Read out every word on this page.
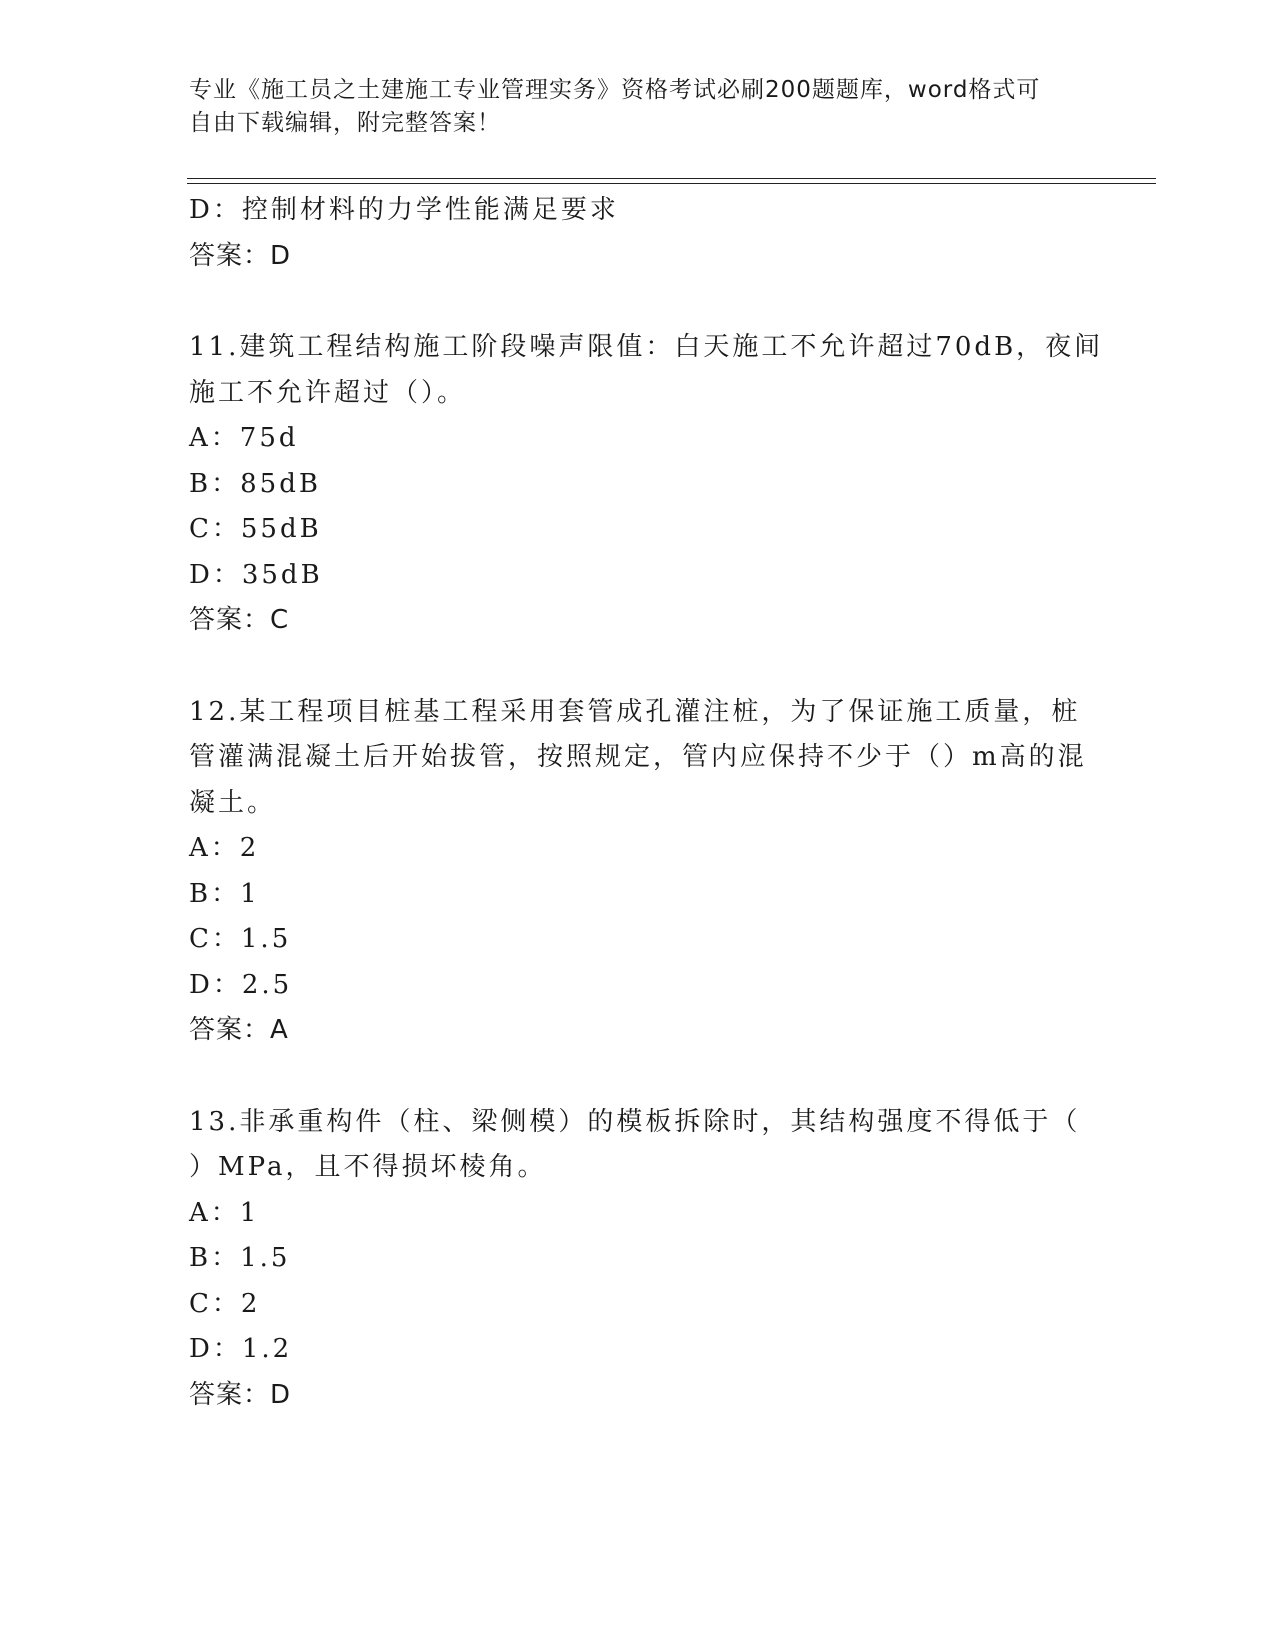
专业《施工员之土建施工专业管理实务》资格考试必刷200题题库，word格式可
自由下载编辑，附完整答案！
D：控制材料的力学性能满足要求
答案：D
11.建筑工程结构施工阶段噪声限值：白天施工不允许超过70dB，夜间
施工不允许超过（）。
A：75d
B：85dB
C：55dB
D：35dB
答案：C
12.某工程项目桩基工程采用套管成孔灌注桩，为了保证施工质量，桩
管灌满混凝土后开始拔管，按照规定，管内应保持不少于（）m高的混
凝土。
A：2
B：1
C：1.5
D：2.5
答案：A
13.非承重构件（柱、梁侧模）的模板拆除时，其结构强度不得低于（
）MPa，且不得损坏棱角。
A：1
B：1.5
C：2
D：1.2
答案：D
